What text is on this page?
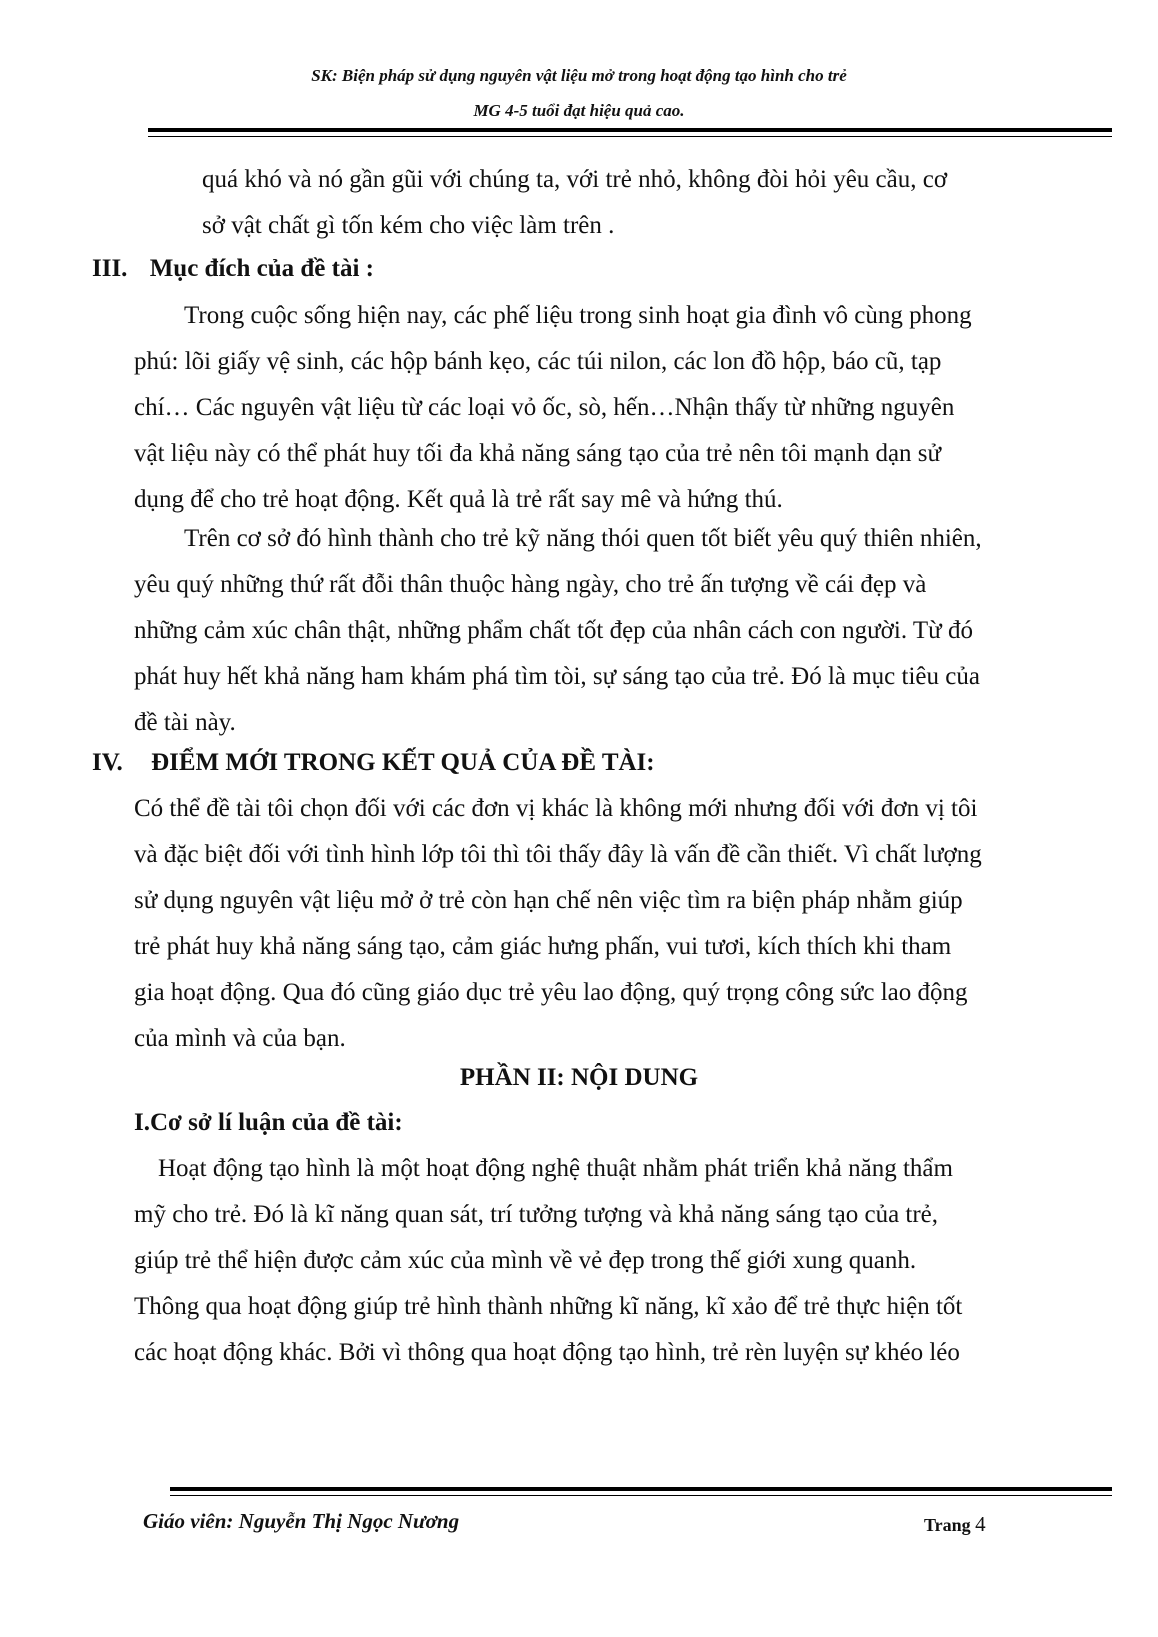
SK: Biện pháp sử dụng nguyên vật liệu mở trong hoạt động tạo hình cho trẻ
MG 4-5 tuổi đạt hiệu quả cao.

quá khó và nó gần gũi với chúng ta, với trẻ nhỏ, không đòi hỏi yêu cầu, cơ
sở vật chất gì tốn kém cho việc làm trên .

III. Mục đích của đề tài :

Trong cuộc sống hiện nay, các phế liệu trong sinh hoạt gia đình vô cùng phong
phú: lõi giấy vệ sinh, các hộp bánh kẹo, các túi nilon, các lon đồ hộp, báo cũ, tạp
chí… Các nguyên vật liệu từ các loại vỏ ốc, sò, hến…Nhận thấy từ những nguyên
vật liệu này có thể phát huy tối đa khả năng sáng tạo của trẻ nên tôi mạnh dạn sử
dụng để cho trẻ hoạt động. Kết quả là trẻ rất say mê và hứng thú.

Trên cơ sở đó hình thành cho trẻ kỹ năng thói quen tốt biết yêu quý thiên nhiên,
yêu quý những thứ rất đỗi thân thuộc hàng ngày, cho trẻ ấn tượng về cái đẹp và
những cảm xúc chân thật, những phẩm chất tốt đẹp của nhân cách con người. Từ đó
phát huy hết khả năng ham khám phá tìm tòi, sự sáng tạo của trẻ. Đó là mục tiêu của
đề tài này.

IV. ĐIỂM MỚI TRONG KẾT QUẢ CỦA ĐỀ TÀI:

Có thể đề tài tôi chọn đối với các đơn vị khác là không mới nhưng đối với đơn vị tôi
và đặc biệt đối với tình hình lớp tôi thì tôi thấy đây là vấn đề cần thiết. Vì chất lượng
sử dụng nguyên vật liệu mở ở trẻ còn hạn chế nên việc tìm ra biện pháp nhằm giúp
trẻ phát huy khả năng sáng tạo, cảm giác hưng phấn, vui tươi, kích thích khi tham
gia hoạt động. Qua đó cũng giáo dục trẻ yêu lao động, quý trọng công sức lao động
của mình và của bạn.

PHẦN II: NỘI DUNG
I.Cơ sở lí luận của đề tài:

Hoạt động tạo hình là một hoạt động nghệ thuật nhằm phát triển khả năng thẩm
mỹ cho trẻ. Đó là kĩ năng quan sát, trí tưởng tượng và khả năng sáng tạo của trẻ,
giúp trẻ thể hiện được cảm xúc của mình về vẻ đẹp trong thế giới xung quanh.
Thông qua hoạt động giúp trẻ hình thành những kĩ năng, kĩ xảo để trẻ thực hiện tốt
các hoạt động khác. Bởi vì thông qua hoạt động tạo hình, trẻ rèn luyện sự khéo léo

Giáo viên: Nguyễn Thị Ngọc Nương	Trang 4
